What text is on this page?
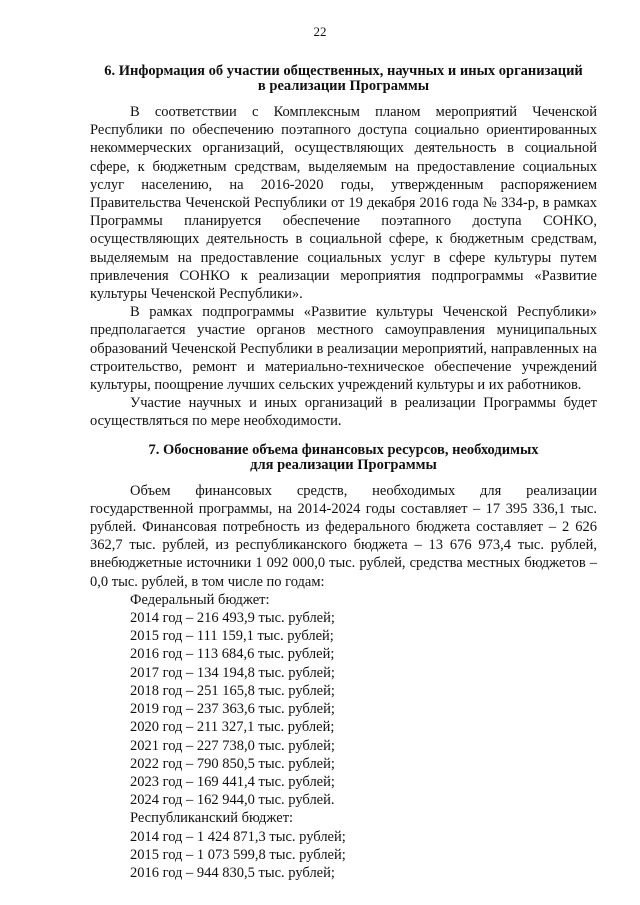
22

6. Информация об участии общественных, научных и иных организаций

в реализации Программы

В соответствии с Комплексным планом мероприятий Чеченской Республики по обеспечению поэтапного доступа социально ориентированных некоммерческих организаций, осуществляющих деятельность в социальной сфере, к бюджетным средствам, выделяемым на предоставление социальных услуг населению, на 2016-2020 годы, утвержденным распоряжением Правительства Чеченской Республики от 19 декабря 2016 года № 334-р, в рамках Программы планируется обеспечение поэтапного доступа СОНКО, осуществляющих деятельность в социальной сфере, к бюджетным средствам, выделяемым на предоставление социальных услуг в сфере культуры путем привлечения СОНКО к реализации мероприятия подпрограммы «Развитие культуры Чеченской Республики».

В рамках подпрограммы «Развитие культуры Чеченской Республики» предполагается участие органов местного самоуправления муниципальных образований Чеченской Республики в реализации мероприятий, направленных на строительство, ремонт и материально-техническое обеспечение учреждений культуры, поощрение лучших сельских учреждений культуры и их работников.

Участие научных и иных организаций в реализации Программы будет осуществляться по мере необходимости.

7. Обоснование объема финансовых ресурсов, необходимых

для реализации Программы

Объем финансовых средств, необходимых для реализации государственной программы, на 2014-2024 годы составляет – 17 395 336,1 тыс. рублей. Финансовая потребность из федерального бюджета составляет – 2 626 362,7 тыс. рублей, из республиканского бюджета – 13 676 973,4 тыс. рублей, внебюджетные источники 1 092 000,0 тыс. рублей, средства местных бюджетов – 0,0 тыс. рублей, в том числе по годам:

Федеральный бюджет:

2014 год – 216 493,9 тыс. рублей;
2015 год – 111 159,1 тыс. рублей;
2016 год – 113 684,6 тыс. рублей;
2017 год – 134 194,8 тыс. рублей;
2018 год – 251 165,8 тыс. рублей;
2019 год – 237 363,6 тыс. рублей;
2020 год – 211 327,1 тыс. рублей;
2021 год – 227 738,0 тыс. рублей;
2022 год – 790 850,5 тыс. рублей;
2023 год – 169 441,4 тыс. рублей;
2024 год – 162 944,0 тыс. рублей.

Республиканский бюджет:

2014 год – 1 424 871,3 тыс. рублей;
2015 год – 1 073 599,8 тыс. рублей;
2016 год – 944 830,5 тыс. рублей;
